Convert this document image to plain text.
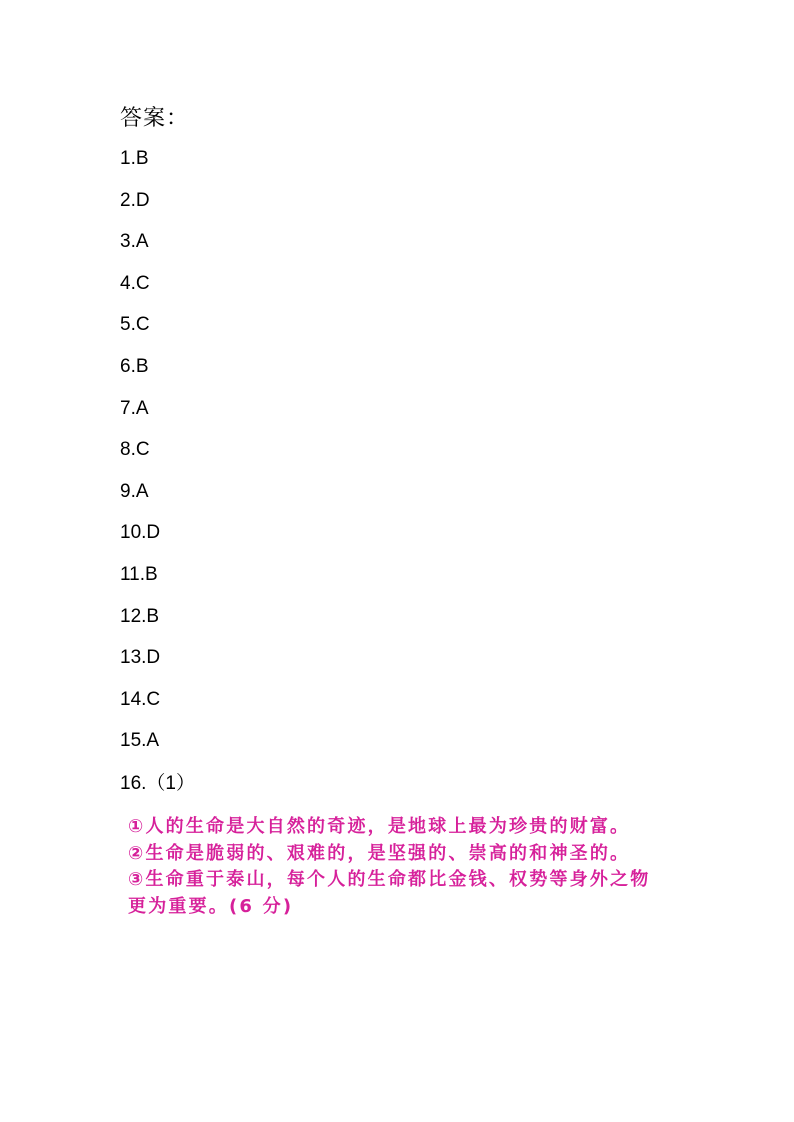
答案：
1.B
2.D
3.A
4.C
5.C
6.B
7.A
8.C
9.A
10.D
11.B
12.B
13.D
14.C
15.A
16.（1）
①人的生命是大自然的奇迹，是地球上最为珍贵的财富。
②生命是脆弱的、艰难的，是坚强的、崇高的和神圣的。
③生命重于泰山，每个人的生命都比金钱、权势等身外之物
更为重要。(6 分)
